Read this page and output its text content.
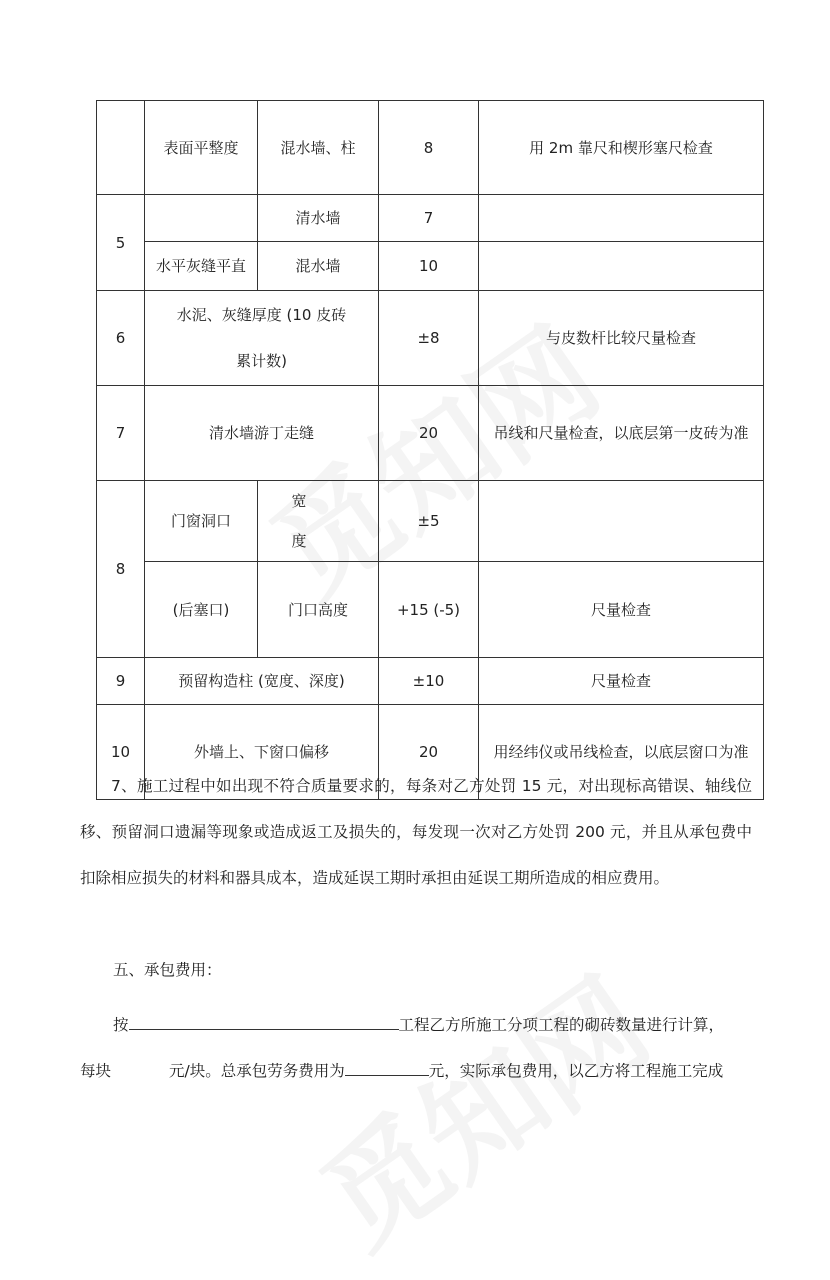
	表面平整度	混水墙、柱	8	用 2m 靠尺和楔形塞尺检查
5		清水墙	7	
	水平灰缝平直	混水墙	10	
6	水泥、灰缝厚度 (10 皮砖累计数)		±8	与皮数杆比较尺量检查
7	清水墙游丁走缝		20	吊线和尺量检查，以底层第一皮砖为准
8	门窗洞口	宽 度	±5	
	(后塞口)	门口高度	+15 (-5)	尺量检查
9	预留构造柱 (宽度、深度)		±10	尺量检查
10	外墙上、下窗口偏移		20	用经纬仪或吊线检查，以底层窗口为准
7、施工过程中如出现不符合质量要求的，每条对乙方处罚 15 元，对出现标高错误、轴线位移、预留洞口遗漏等现象或造成返工及损失的，每发现一次对乙方处罚 200 元，并且从承包费中扣除相应损失的材料和器具成本，造成延误工期时承担由延误工期所造成的相应费用。
五、承包费用：
按	工程乙方所施工分项工程的砌砖数量进行计算，
每块	元/块。总承包劳务费用为	元，实际承包费用，以乙方将工程施工完成
